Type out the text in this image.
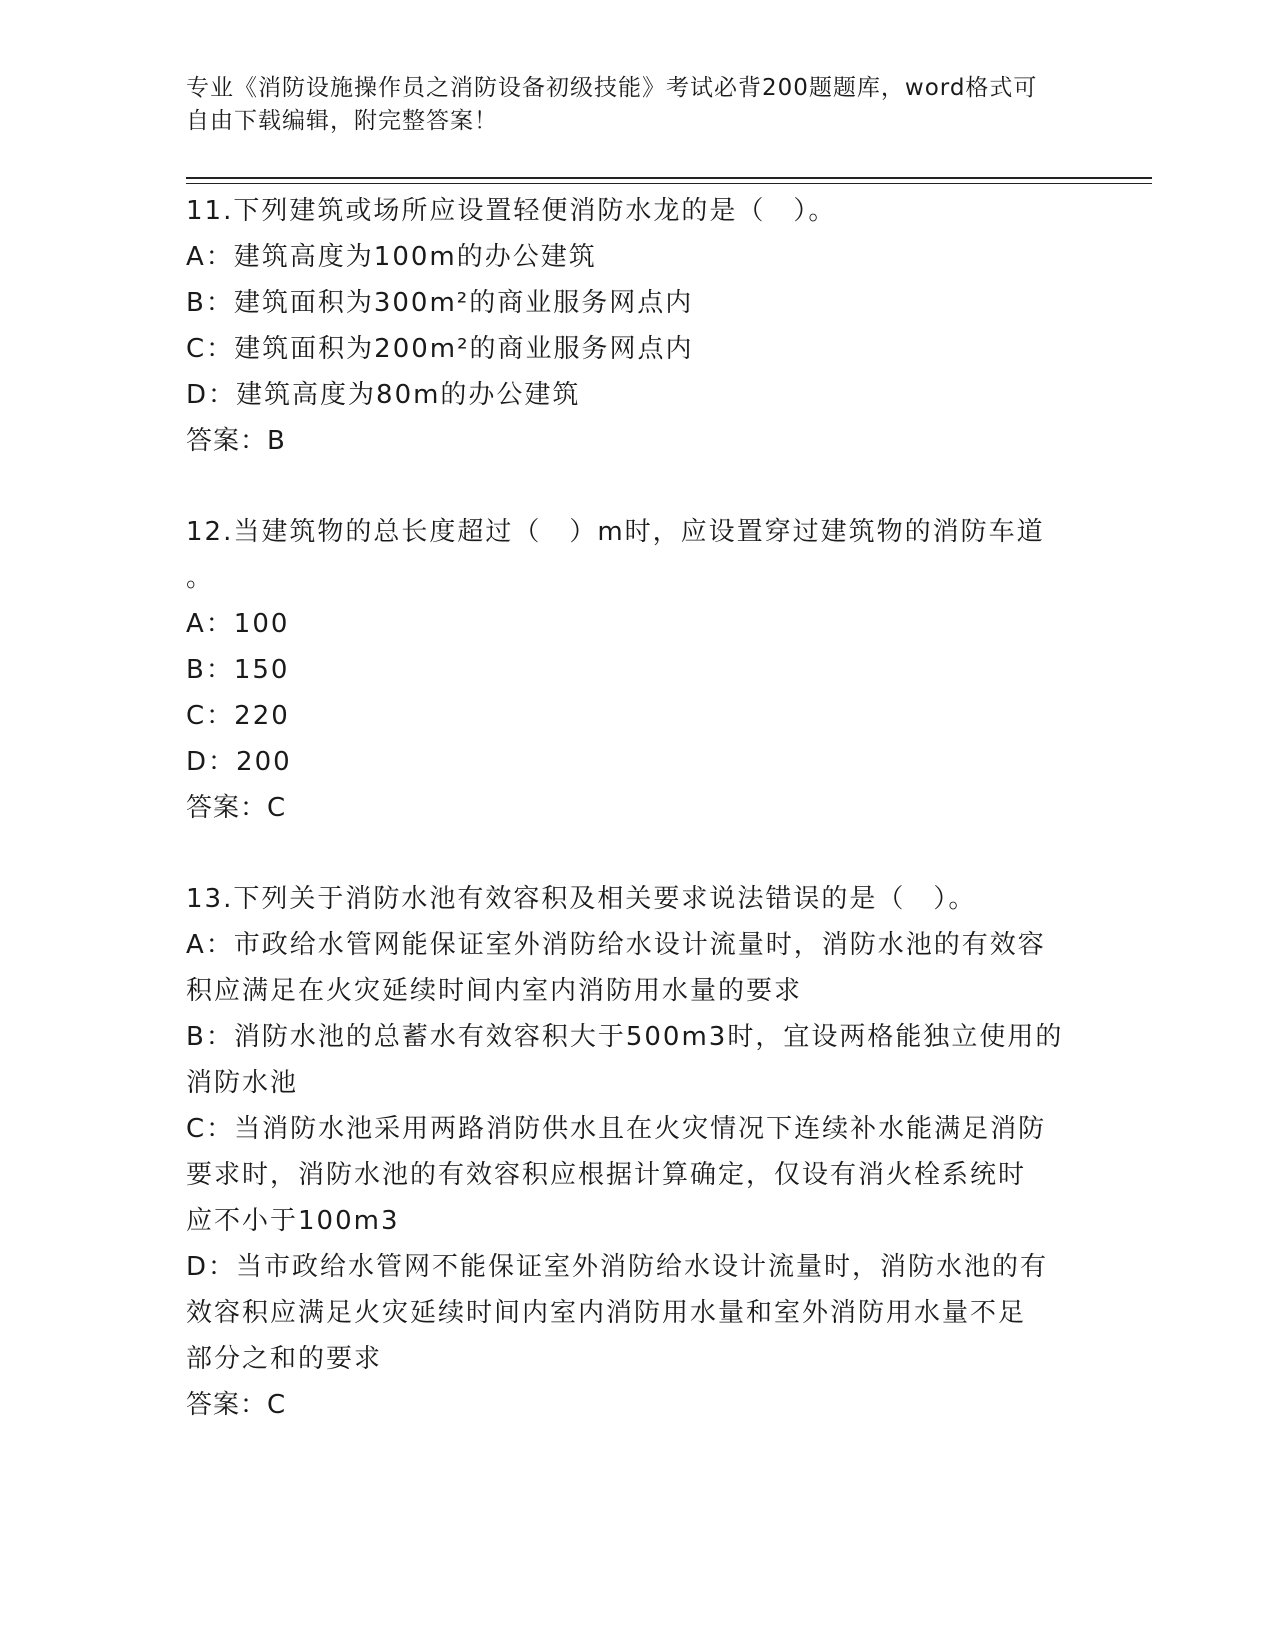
专业《消防设施操作员之消防设备初级技能》考试必背200题题库，word格式可
自由下载编辑，附完整答案！
11.下列建筑或场所应设置轻便消防水龙的是（　）。
A：建筑高度为100m的办公建筑
B：建筑面积为300m²的商业服务网点内
C：建筑面积为200m²的商业服务网点内
D：建筑高度为80m的办公建筑
答案：B
12.当建筑物的总长度超过（　）m时，应设置穿过建筑物的消防车道
。
A：100
B：150
C：220
D：200
答案：C
13.下列关于消防水池有效容积及相关要求说法错误的是（　）。
A：市政给水管网能保证室外消防给水设计流量时，消防水池的有效容
积应满足在火灾延续时间内室内消防用水量的要求
B：消防水池的总蓄水有效容积大于500m3时，宜设两格能独立使用的
消防水池
C：当消防水池采用两路消防供水且在火灾情况下连续补水能满足消防
要求时，消防水池的有效容积应根据计算确定，仅设有消火栓系统时
应不小于100m3
D：当市政给水管网不能保证室外消防给水设计流量时，消防水池的有
效容积应满足火灾延续时间内室内消防用水量和室外消防用水量不足
部分之和的要求
答案：C
